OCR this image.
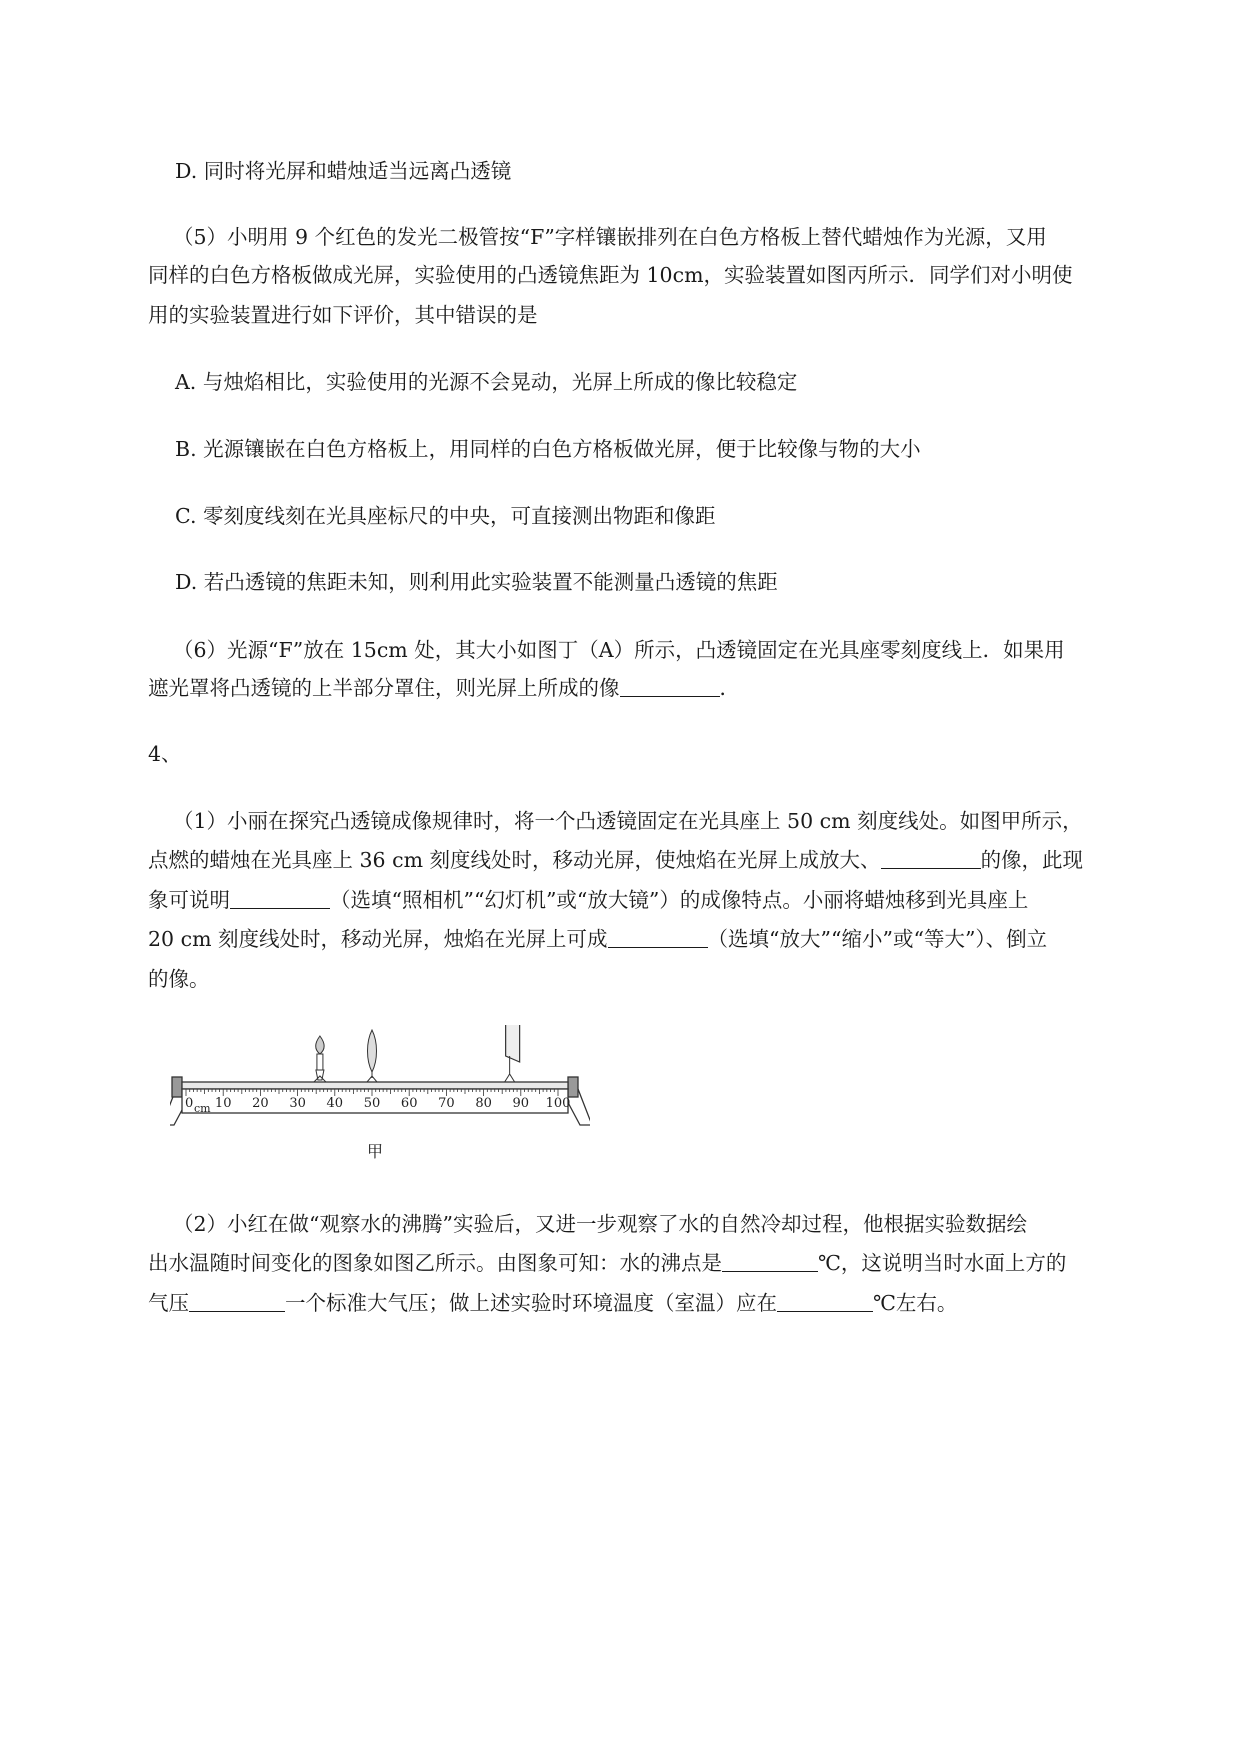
D. 同时将光屏和蜡烛适当远离凸透镜
（5）小明用 9 个红色的发光二极管按“F”字样镶嵌排列在白色方格板上替代蜡烛作为光源，又用
同样的白色方格板做成光屏，实验使用的凸透镜焦距为 10cm，实验装置如图丙所示．同学们对小明使
用的实验装置进行如下评价，其中错误的是
A. 与烛焰相比，实验使用的光源不会晃动，光屏上所成的像比较稳定
B. 光源镶嵌在白色方格板上，用同样的白色方格板做光屏，便于比较像与物的大小
C. 零刻度线刻在光具座标尺的中央，可直接测出物距和像距
D. 若凸透镜的焦距未知，则利用此实验装置不能测量凸透镜的焦距
（6）光源“F”放在 15cm 处，其大小如图丁（A）所示，凸透镜固定在光具座零刻度线上．如果用
遮光罩将凸透镜的上半部分罩住，则光屏上所成的像	．
4、
（1）小丽在探究凸透镜成像规律时，将一个凸透镜固定在光具座上 50 cm 刻度线处。如图甲所示，
点燃的蜡烛在光具座上 36 cm 刻度线处时，移动光屏，使烛焰在光屏上成放大、	的像，此现
象可说明	（选填“照相机”“幻灯机”或“放大镜”）的成像特点。小丽将蜡烛移到光具座上
20 cm 刻度线处时，移动光屏，烛焰在光屏上可成	（选填“放大”“缩小”或“等大”）、倒立
的像。
0 10 20 30 40 50 60 70 80 90 100
cm
甲
（2）小红在做“观察水的沸腾”实验后，又进一步观察了水的自然冷却过程，他根据实验数据绘
出水温随时间变化的图象如图乙所示。由图象可知：水的沸点是	℃，这说明当时水面上方的
气压	一个标准大气压；做上述实验时环境温度（室温）应在	℃左右。
